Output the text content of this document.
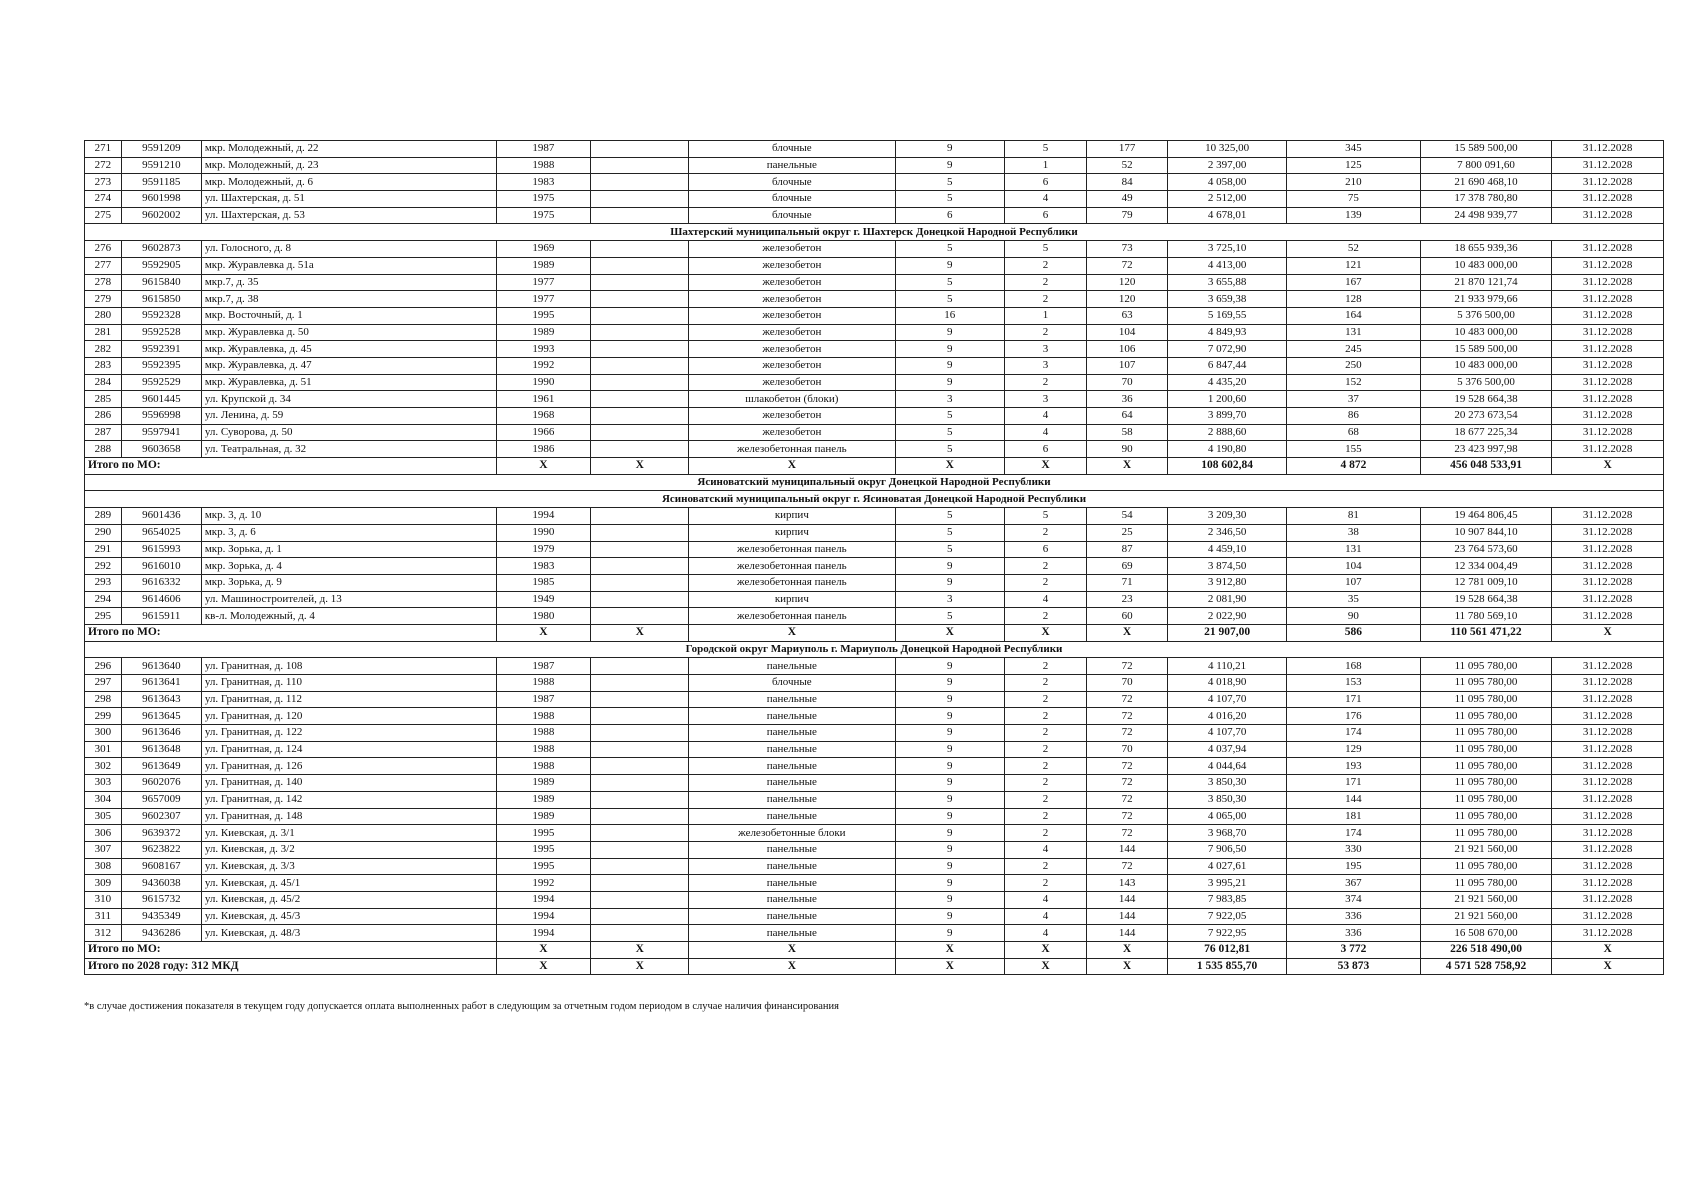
271	9591209	мкр. Молодежный, д. 22	1987		блочные	9	5	177	10 325,00	345	15 589 500,00	31.12.2028
272	9591210	мкр. Молодежный, д. 23	1988		панельные	9	1	52	2 397,00	125	7 800 091,60	31.12.2028
273	9591185	мкр. Молодежный, д. 6	1983		блочные	5	6	84	4 058,00	210	21 690 468,10	31.12.2028
274	9601998	ул. Шахтерская, д. 51	1975		блочные	5	4	49	2 512,00	75	17 378 780,80	31.12.2028
275	9602002	ул. Шахтерская, д. 53	1975		блочные	6	6	79	4 678,01	139	24 498 939,77	31.12.2028
Шахтерский муниципальный округ г. Шахтерск Донецкой Народной Республики												
276	9602873	ул. Голосного, д. 8	1969		железобетон	5	5	73	3 725,10	52	18 655 939,36	31.12.2028
277	9592905	мкр. Журавлевка д. 51а	1989		железобетон	9	2	72	4 413,00	121	10 483 000,00	31.12.2028
278	9615840	мкр.7, д. 35	1977		железобетон	5	2	120	3 655,88	167	21 870 121,74	31.12.2028
279	9615850	мкр.7, д. 38	1977		железобетон	5	2	120	3 659,38	128	21 933 979,66	31.12.2028
280	9592328	мкр. Восточный, д. 1	1995		железобетон	16	1	63	5 169,55	164	5 376 500,00	31.12.2028
281	9592528	мкр. Журавлевка д. 50	1989		железобетон	9	2	104	4 849,93	131	10 483 000,00	31.12.2028
282	9592391	мкр. Журавлевка, д. 45	1993		железобетон	9	3	106	7 072,90	245	15 589 500,00	31.12.2028
283	9592395	мкр. Журавлевка, д. 47	1992		железобетон	9	3	107	6 847,44	250	10 483 000,00	31.12.2028
284	9592529	мкр. Журавлевка, д. 51	1990		железобетон	9	2	70	4 435,20	152	5 376 500,00	31.12.2028
285	9601445	ул. Крупской д. 34	1961		шлакобетон (блоки)	3	3	36	1 200,60	37	19 528 664,38	31.12.2028
286	9596998	ул. Ленина, д. 59	1968		железобетон	5	4	64	3 899,70	86	20 273 673,54	31.12.2028
287	9597941	ул. Суворова, д. 50	1966		железобетон	5	4	58	2 888,60	68	18 677 225,34	31.12.2028
288	9603658	ул. Театральная, д. 32	1986		железобетонная панель	5	6	90	4 190,80	155	23 423 997,98	31.12.2028
Итого по МО:			X	X	X	X	X	X	108 602,84	4 872	456 048 533,91	X
Ясиноватский муниципальный округ Донецкой Народной Республики												
Ясиноватский муниципальный округ г. Ясиноватая Донецкой Народной Республики												
289	9601436	мкр. 3, д. 10	1994		кирпич	5	5	54	3 209,30	81	19 464 806,45	31.12.2028
290	9654025	мкр. 3, д. 6	1990		кирпич	5	2	25	2 346,50	38	10 907 844,10	31.12.2028
291	9615993	мкр. Зорька, д. 1	1979		железобетонная панель	5	6	87	4 459,10	131	23 764 573,60	31.12.2028
292	9616010	мкр. Зорька, д. 4	1983		железобетонная панель	9	2	69	3 874,50	104	12 334 004,49	31.12.2028
293	9616332	мкр. Зорька, д. 9	1985		железобетонная панель	9	2	71	3 912,80	107	12 781 009,10	31.12.2028
294	9614606	ул. Машиностроителей, д. 13	1949		кирпич	3	4	23	2 081,90	35	19 528 664,38	31.12.2028
295	9615911	кв-л. Молодежный, д. 4	1980		железобетонная панель	5	2	60	2 022,90	90	11 780 569,10	31.12.2028
Итого по МО:			X	X	X	X	X	X	21 907,00	586	110 561 471,22	X
Городской округ Мариуполь г. Мариуполь Донецкой Народной Республики												
296	9613640	ул. Гранитная, д. 108	1987		панельные	9	2	72	4 110,21	168	11 095 780,00	31.12.2028
297	9613641	ул. Гранитная, д. 110	1988		блочные	9	2	70	4 018,90	153	11 095 780,00	31.12.2028
298	9613643	ул. Гранитная, д. 112	1987		панельные	9	2	72	4 107,70	171	11 095 780,00	31.12.2028
299	9613645	ул. Гранитная, д. 120	1988		панельные	9	2	72	4 016,20	176	11 095 780,00	31.12.2028
300	9613646	ул. Гранитная, д. 122	1988		панельные	9	2	72	4 107,70	174	11 095 780,00	31.12.2028
301	9613648	ул. Гранитная, д. 124	1988		панельные	9	2	70	4 037,94	129	11 095 780,00	31.12.2028
302	9613649	ул. Гранитная, д. 126	1988		панельные	9	2	72	4 044,64	193	11 095 780,00	31.12.2028
303	9602076	ул. Гранитная, д. 140	1989		панельные	9	2	72	3 850,30	171	11 095 780,00	31.12.2028
304	9657009	ул. Гранитная, д. 142	1989		панельные	9	2	72	3 850,30	144	11 095 780,00	31.12.2028
305	9602307	ул. Гранитная, д. 148	1989		панельные	9	2	72	4 065,00	181	11 095 780,00	31.12.2028
306	9639372	ул. Киевская, д. 3/1	1995		железобетонные блоки	9	2	72	3 968,70	174	11 095 780,00	31.12.2028
307	9623822	ул. Киевская, д. 3/2	1995		панельные	9	4	144	7 906,50	330	21 921 560,00	31.12.2028
308	9608167	ул. Киевская, д. 3/3	1995		панельные	9	2	72	4 027,61	195	11 095 780,00	31.12.2028
309	9436038	ул. Киевская, д. 45/1	1992		панельные	9	2	143	3 995,21	367	11 095 780,00	31.12.2028
310	9615732	ул. Киевская, д. 45/2	1994		панельные	9	4	144	7 983,85	374	21 921 560,00	31.12.2028
311	9435349	ул. Киевская, д. 45/3	1994		панельные	9	4	144	7 922,05	336	21 921 560,00	31.12.2028
312	9436286	ул. Киевская, д. 48/3	1994		панельные	9	4	144	7 922,95	336	16 508 670,00	31.12.2028
Итого по МО:			X	X	X	X	X	X	76 012,81	3 772	226 518 490,00	X
Итого по 2028 году: 312 МКД			X	X	X	X	X	X	1 535 855,70	53 873	4 571 528 758,92	X
*в случае достижения показателя в текущем году допускается оплата выполненных работ в следующим за отчетным годом периодом в случае наличия финансирования
